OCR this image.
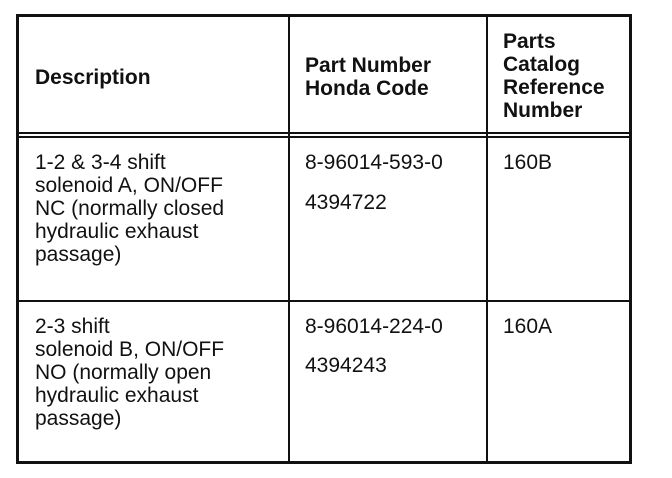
Description
Part Number
Honda Code
Parts
Catalog
Reference
Number
1-2 & 3-4 shift
solenoid A, ON/OFF
NC (normally closed
hydraulic exhaust
passage)
8-96014-593-0
4394722
160B
2-3 shift
solenoid B, ON/OFF
NO (normally open
hydraulic exhaust
passage)
8-96014-224-0
4394243
160A
